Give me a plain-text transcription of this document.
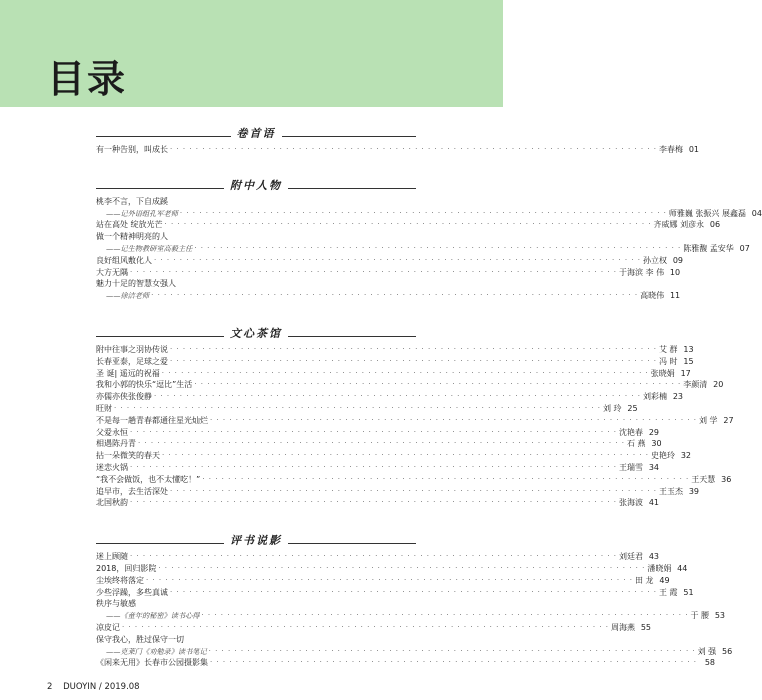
目录
卷首语
有一种告别，叫成长 · · ·	李春梅 01
附中人物
桃李不言，下自成蹊
——记外语组孔军老师 · · ·	师雅巍 张振兴 展鑫磊 04
站在高处 绽放光芒 · · ·	齐威娜 刘彦永 06
做一个精神明亮的人
——记生物教研室高毅主任 · · ·	陈雅馥 孟安华 07
良好组风敷化人 · · ·	孙立权 09
大方无隅 · · ·	于海滨 李 伟 10
魅力十足的智慧女强人
——徐洁老师 · · ·	高晓伟 11
文心茶馆
附中往事之羽协传说 · · ·	艾 群 13
长春亚泰，足球之爱 · · ·	冯 时 15
圣 诞| 遥远的祝福 · · ·	张晓娟 17
我和小郭的快乐“逗比”生活 · · ·	李颜清 20
亦儒亦侠张俊静 · · ·	刘彩楠 23
旺财 · · ·	刘 玲 25
不是每一趟青春都通往星光灿烂 · · ·	刘 学 27
父爱永恒 · · ·	沈艳春 29
相遇陈丹青 · · ·	石 燕 30
拈一朵微笑的春天 · · ·	史艳玲 32
迷恋火锅 · · ·	王瑞雪 34
“我不会做饭，也不太懂吃！” · · ·	王天慧 36
追早市，去生活深处 · · ·	王玉杰 39
北国秋韵 · · ·	张海波 41
评书说影
迷上顾随 · · ·	刘廷君 43
2018，回归影院 · · ·	潘晓娟 44
尘埃终将落定 · · ·	田 龙 49
少些浮躁，多些真诚 · · ·	王 霞 51
秩序与敏感
——《童年的秘密》读书心得 · · ·	于 腰 53
凉皮记 · · ·	周海燕 55
保守我心，胜过保守一切
——克莱门《劝勉录》读书笔记 · · ·	刘 强 56
《闲来无用》长春市公园摄影集 · · ·	58
2 DUOYIN / 2019.08
